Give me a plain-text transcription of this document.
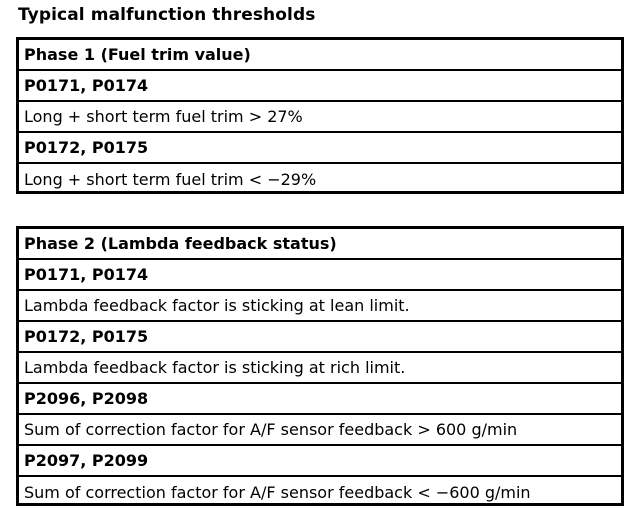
Typical malfunction thresholds
Phase 1 (Fuel trim value)
P0171, P0174
Long + short term fuel trim > 27%
P0172, P0175
Long + short term fuel trim < −29%
Phase 2 (Lambda feedback status)
P0171, P0174
Lambda feedback factor is sticking at lean limit.
P0172, P0175
Lambda feedback factor is sticking at rich limit.
P2096, P2098
Sum of correction factor for A/F sensor feedback > 600 g/min
P2097, P2099
Sum of correction factor for A/F sensor feedback < −600 g/min
